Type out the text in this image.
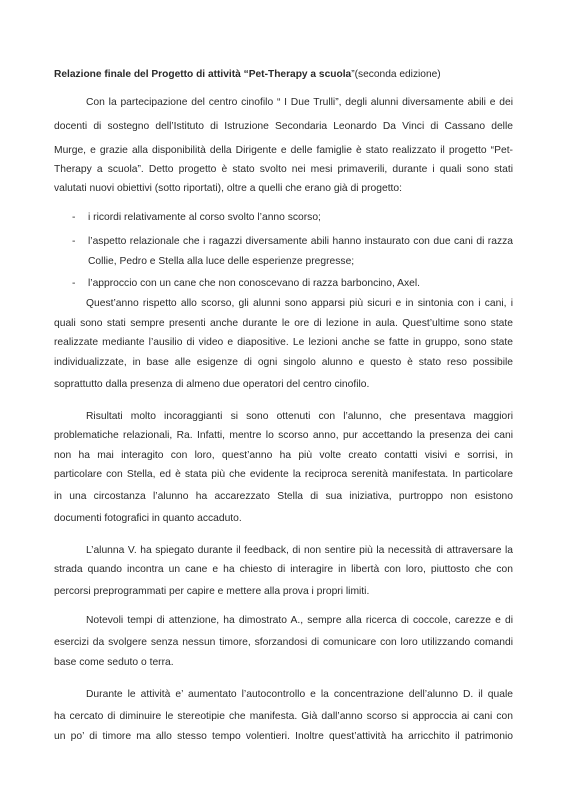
Relazione finale del Progetto di attività “Pet-Therapy a scuola”(seconda edizione)
Con la partecipazione del centro cinofilo “ I Due Trulli”, degli alunni diversamente abili e dei
docenti di sostegno dell’Istituto di Istruzione Secondaria Leonardo Da Vinci di Cassano delle
Murge, e grazie alla disponibilità della Dirigente e delle famiglie è stato realizzato il progetto “Pet-
Therapy a scuola”. Detto progetto è stato svolto nei mesi primaverili, durante i quali sono stati
valutati nuovi obiettivi (sotto riportati), oltre a quelli che erano già di progetto:
- i ricordi relativamente al corso svolto l’anno scorso;
- l’aspetto relazionale che i ragazzi diversamente abili hanno instaurato con due cani di razza
Collie, Pedro e Stella alla luce delle esperienze pregresse;
- l’approccio con un cane che non conoscevano di razza barboncino, Axel.
Quest’anno rispetto allo scorso, gli alunni sono apparsi più sicuri e in sintonia con i cani, i
quali sono stati sempre presenti anche durante le ore di lezione in aula. Quest’ultime sono state
realizzate mediante l’ausilio di video e diapositive. Le lezioni anche se fatte in gruppo, sono state
individualizzate, in base alle esigenze di ogni singolo alunno e questo è stato reso possibile
soprattutto dalla presenza di almeno due operatori del centro cinofilo.
Risultati molto incoraggianti si sono ottenuti con l’alunno, che presentava maggiori
problematiche relazionali, Ra. Infatti, mentre lo scorso anno, pur accettando la presenza dei cani
non ha mai interagito con loro, quest’anno ha più volte creato contatti visivi e sorrisi, in
particolare con Stella, ed è stata più che evidente la reciproca serenità manifestata. In particolare
in una circostanza l’alunno ha accarezzato Stella di sua iniziativa, purtroppo non esistono
documenti fotografici in quanto accaduto.
L’alunna V. ha spiegato durante il feedback, di non sentire più la necessità di attraversare la
strada quando incontra un cane e ha chiesto di interagire in libertà con loro, piuttosto che con
percorsi preprogrammati per capire e mettere alla prova i propri limiti.
Notevoli tempi di attenzione, ha dimostrato A., sempre alla ricerca di coccole, carezze e di
esercizi da svolgere senza nessun timore, sforzandosi di comunicare con loro utilizzando comandi
base come seduto o terra.
Durante le attività e’ aumentato l’autocontrollo e la concentrazione dell’alunno D. il quale
ha cercato di diminuire le stereotipie che manifesta. Già dall’anno scorso si approccia ai cani con
un po’ di timore ma allo stesso tempo volentieri. Inoltre quest’attività ha arricchito il patrimonio
